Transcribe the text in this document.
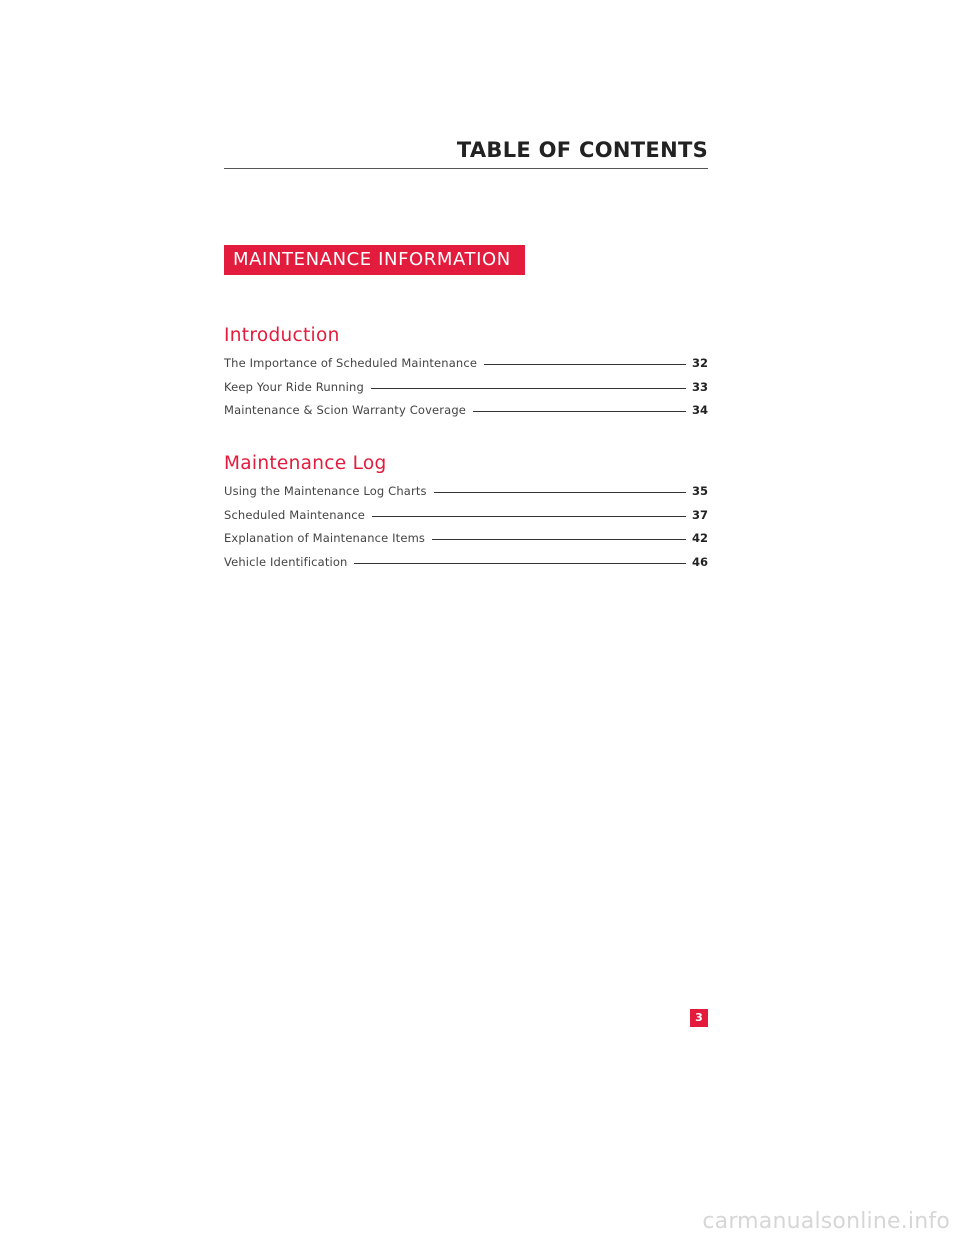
TABLE OF CONTENTS
MAINTENANCE INFORMATION
Introduction
The Importance of Scheduled Maintenance	32
Keep Your Ride Running	33
Maintenance & Scion Warranty Coverage	34
Maintenance Log
Using the Maintenance Log Charts	35
Scheduled Maintenance	37
Explanation of Maintenance Items	42
Vehicle Identification	46
3
carmanualsonline.info
